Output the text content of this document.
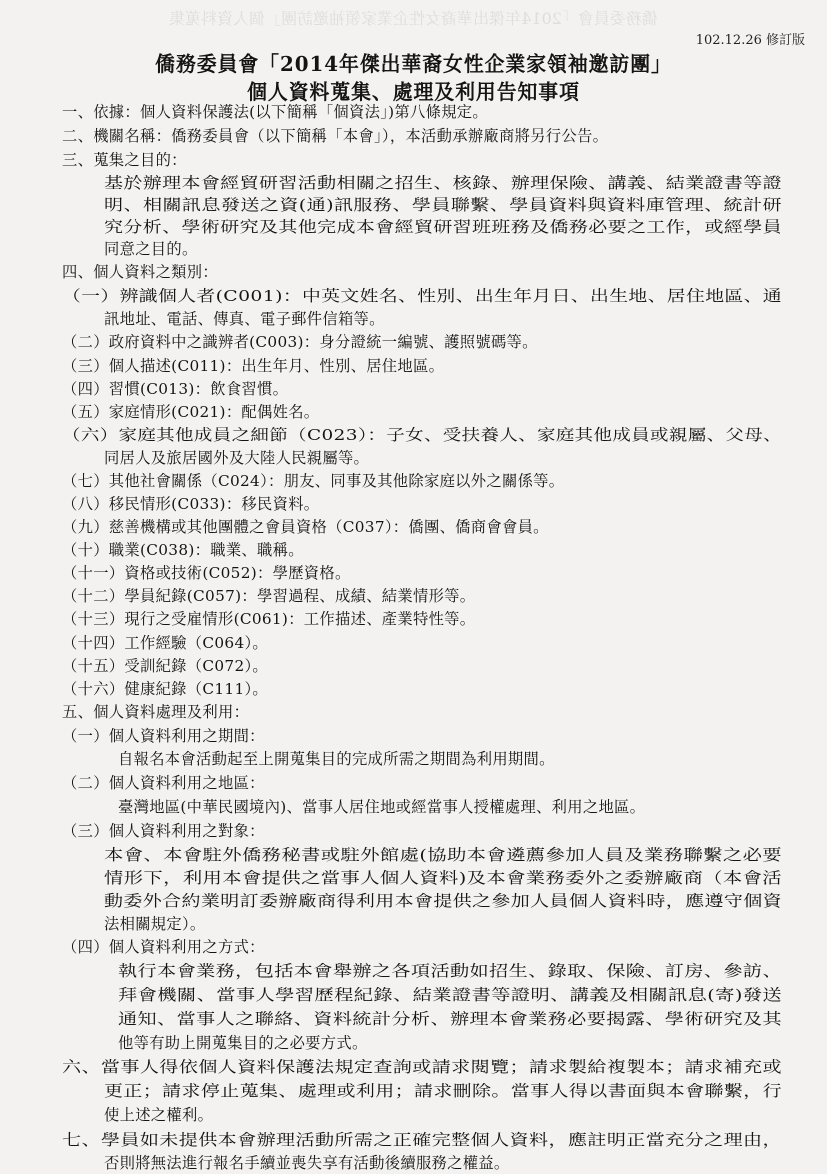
僑務委員會「2014年傑出華裔女性企業家領袖邀訪團」個人資料蒐集
102.12.26 修訂版
僑務委員會「2014年傑出華裔女性企業家領袖邀訪團」
個人資料蒐集、處理及利用告知事項
一、依據：個人資料保護法(以下簡稱「個資法」)第八條規定。
二、機關名稱：僑務委員會（以下簡稱「本會」），本活動承辦廠商將另行公告。
三、蒐集之目的：
基於辦理本會經貿研習活動相關之招生、核錄、辦理保險、講義、結業證書等證
明、相關訊息發送之資(通)訊服務、學員聯繫、學員資料與資料庫管理、統計研
究分析、學術研究及其他完成本會經貿研習班班務及僑務必要之工作，或經學員
同意之目的。
四、個人資料之類別：
（一）辨識個人者(C001)：中英文姓名、性別、出生年月日、出生地、居住地區、通
訊地址、電話、傳真、電子郵件信箱等。
（二）政府資料中之識辨者(C003)：身分證統一編號、護照號碼等。
（三）個人描述(C011)：出生年月、性別、居住地區。
（四）習慣(C013)：飲食習慣。
（五）家庭情形(C021)：配偶姓名。
（六）家庭其他成員之細節（C023）：子女、受扶養人、家庭其他成員或親屬、父母、
同居人及旅居國外及大陸人民親屬等。
（七）其他社會關係（C024）：朋友、同事及其他除家庭以外之關係等。
（八）移民情形(C033)：移民資料。
（九）慈善機構或其他團體之會員資格（C037）：僑團、僑商會會員。
（十）職業(C038)：職業、職稱。
（十一）資格或技術(C052)：學歷資格。
（十二）學員紀錄(C057)：學習過程、成績、結業情形等。
（十三）現行之受雇情形(C061)：工作描述、產業特性等。
（十四）工作經驗（C064）。
（十五）受訓紀錄（C072）。
（十六）健康紀錄（C111）。
五、個人資料處理及利用：
（一）個人資料利用之期間：
自報名本會活動起至上開蒐集目的完成所需之期間為利用期間。
（二）個人資料利用之地區：
臺灣地區(中華民國境內)、當事人居住地或經當事人授權處理、利用之地區。
（三）個人資料利用之對象：
本會、本會駐外僑務秘書或駐外館處(協助本會遴薦參加人員及業務聯繫之必要
情形下，利用本會提供之當事人個人資料)及本會業務委外之委辦廠商（本會活
動委外合約業明訂委辦廠商得利用本會提供之參加人員個人資料時，應遵守個資
法相關規定）。
（四）個人資料利用之方式：
執行本會業務，包括本會舉辦之各項活動如招生、錄取、保險、訂房、參訪、
拜會機關、當事人學習歷程紀錄、結業證書等證明、講義及相關訊息(寄)發送
通知、當事人之聯絡、資料統計分析、辦理本會業務必要揭露、學術研究及其
他等有助上開蒐集目的之必要方式。
六、當事人得依個人資料保護法規定查詢或請求閱覽；請求製給複製本；請求補充或
更正；請求停止蒐集、處理或利用；請求刪除。當事人得以書面與本會聯繫，行
使上述之權利。
七、學員如未提供本會辦理活動所需之正確完整個人資料，應註明正當充分之理由，
否則將無法進行報名手續並喪失享有活動後續服務之權益。
